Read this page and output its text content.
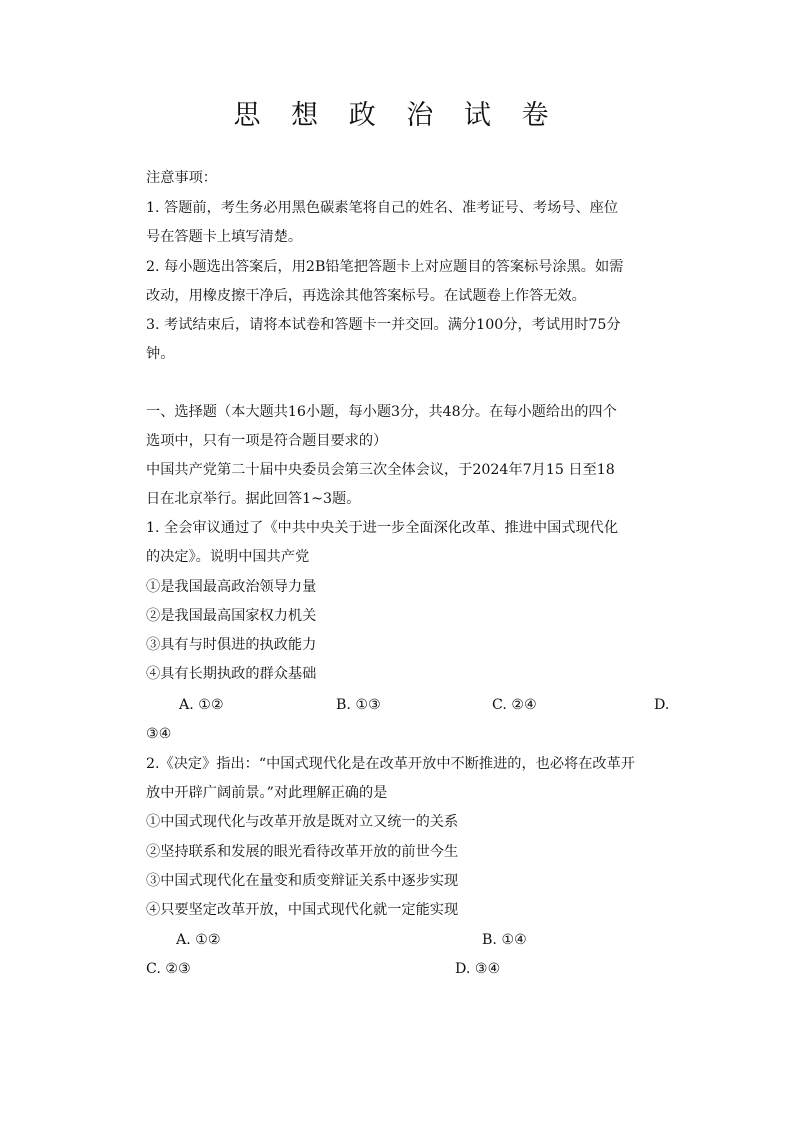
思 想 政 治 试 卷
注意事项：
1. 答题前，考生务必用黑色碳素笔将自己的姓名、准考证号、考场号、座位
号在答题卡上填写清楚。
2. 每小题选出答案后，用2B铅笔把答题卡上对应题目的答案标号涂黑。如需
改动，用橡皮擦干净后，再选涂其他答案标号。在试题卷上作答无效。
3. 考试结束后，请将本试卷和答题卡一并交回。满分100分，考试用时75分
钟。
一、选择题（本大题共16小题，每小题3分，共48分。在每小题给出的四个
选项中，只有一项是符合题目要求的）
中国共产党第二十届中央委员会第三次全体会议，于2024年7月15 日至18
日在北京举行。据此回答1~3题。
1. 全会审议通过了《中共中央关于进一步全面深化改革、推进中国式现代化
的决定》。说明中国共产党
①是我国最高政治领导力量
②是我国最高国家权力机关
③具有与时俱进的执政能力
④具有长期执政的群众基础
A. ①②	B. ①③	C. ②④	D.
③④
2.《决定》指出：“中国式现代化是在改革开放中不断推进的，也必将在改革开
放中开辟广阔前景。”对此理解正确的是
①中国式现代化与改革开放是既对立又统一的关系
②坚持联系和发展的眼光看待改革开放的前世今生
③中国式现代化在量变和质变辩证关系中逐步实现
④只要坚定改革开放，中国式现代化就一定能实现
A. ①②	B. ①④
C. ②③	D. ③④
